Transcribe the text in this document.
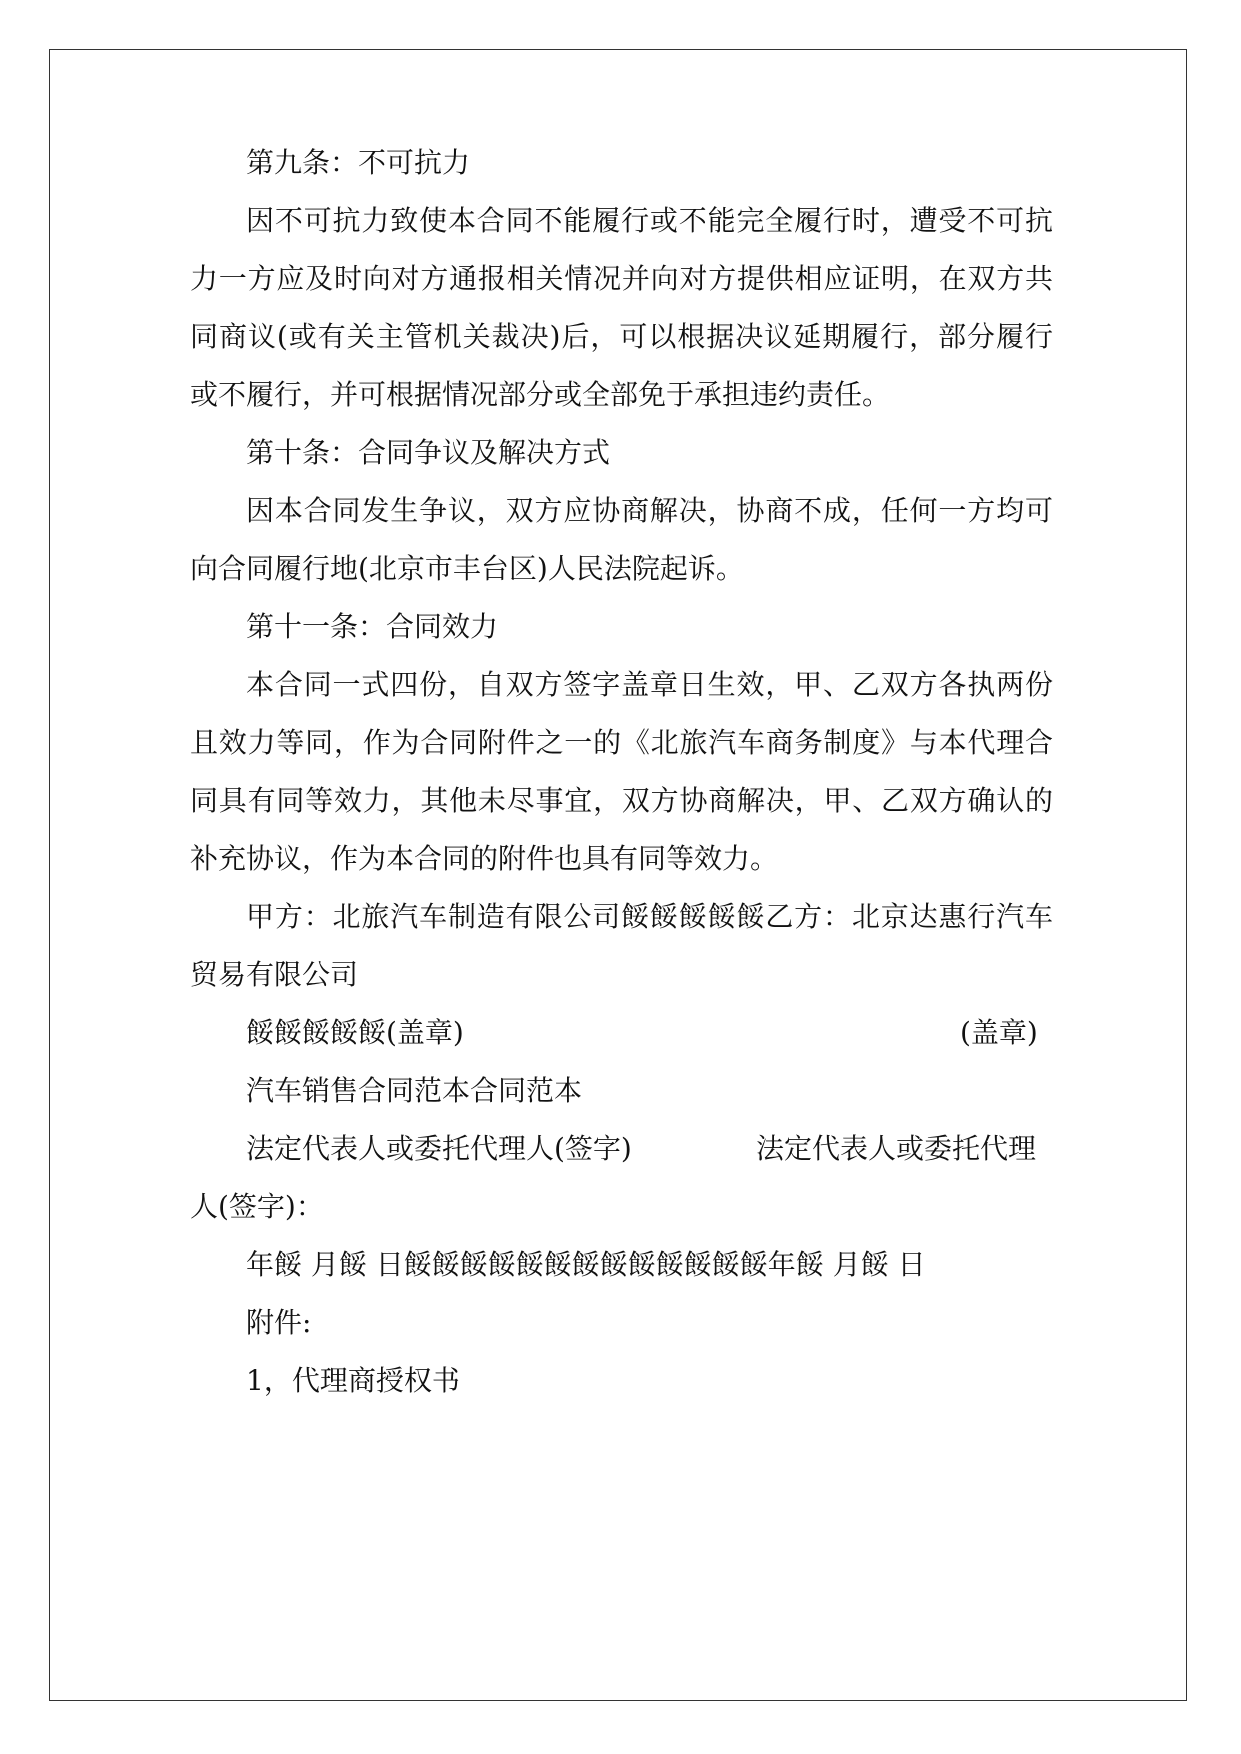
第九条：不可抗力
因不可抗力致使本合同不能履行或不能完全履行时，遭受不可抗
力一方应及时向对方通报相关情况并向对方提供相应证明，在双方共
同商议(或有关主管机关裁决)后，可以根据决议延期履行，部分履行
或不履行，并可根据情况部分或全部免于承担违约责任。
第十条：合同争议及解决方式
因本合同发生争议，双方应协商解决，协商不成，任何一方均可
向合同履行地(北京市丰台区)人民法院起诉。
第十一条：合同效力
本合同一式四份，自双方签字盖章日生效，甲、乙双方各执两份
且效力等同，作为合同附件之一的《北旅汽车商务制度》与本代理合
同具有同等效力，其他未尽事宜，双方协商解决，甲、乙双方确认的
补充协议，作为本合同的附件也具有同等效力。
甲方：北旅汽车制造有限公司餒餒餒餒餒乙方：北京达惠行汽车
贸易有限公司
餒餒餒餒餒(盖章)	(盖章)
汽车销售合同范本合同范本
法定代表人或委托代理人(签字)	法定代表人或委托代理
人(签字)：
年餒 月餒 日餒餒餒餒餒餒餒餒餒餒餒餒餒年餒 月餒 日
附件:
1，代理商授权书
